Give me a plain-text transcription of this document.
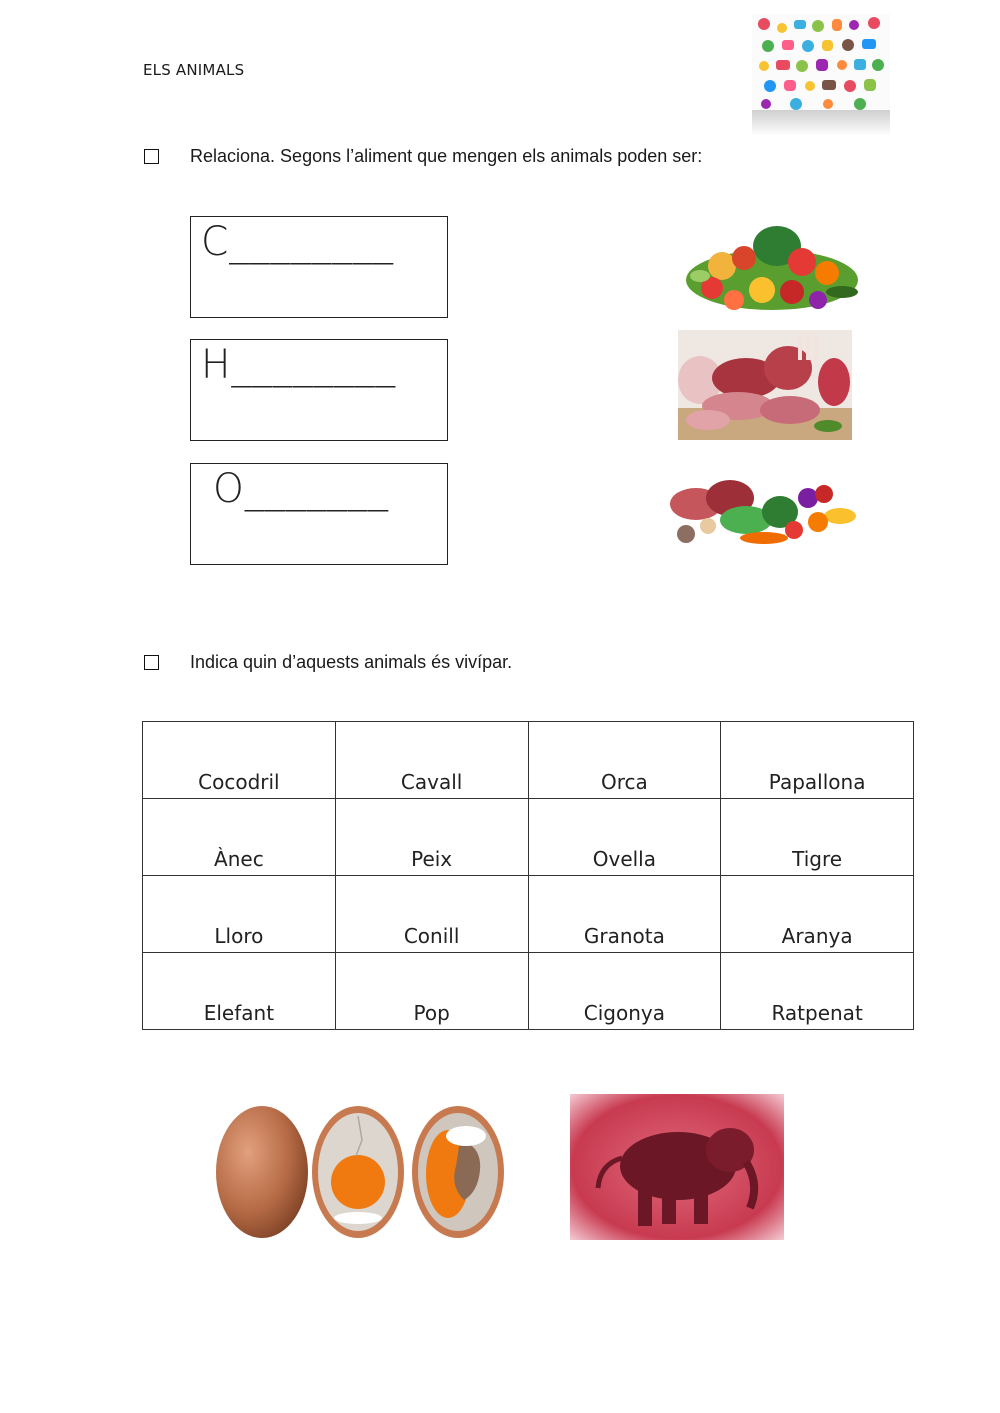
ELS ANIMALS
Relaciona. Segons l’aliment que mengen els animals poden ser:
C________
H________
O_______
Indica quin d’aquests animals és vivípar.
Cocodril	Cavall	Orca	Papallona
Ànec	Peix	Ovella	Tigre
Lloro	Conill	Granota	Aranya
Elefant	Pop	Cigonya	Ratpenat
